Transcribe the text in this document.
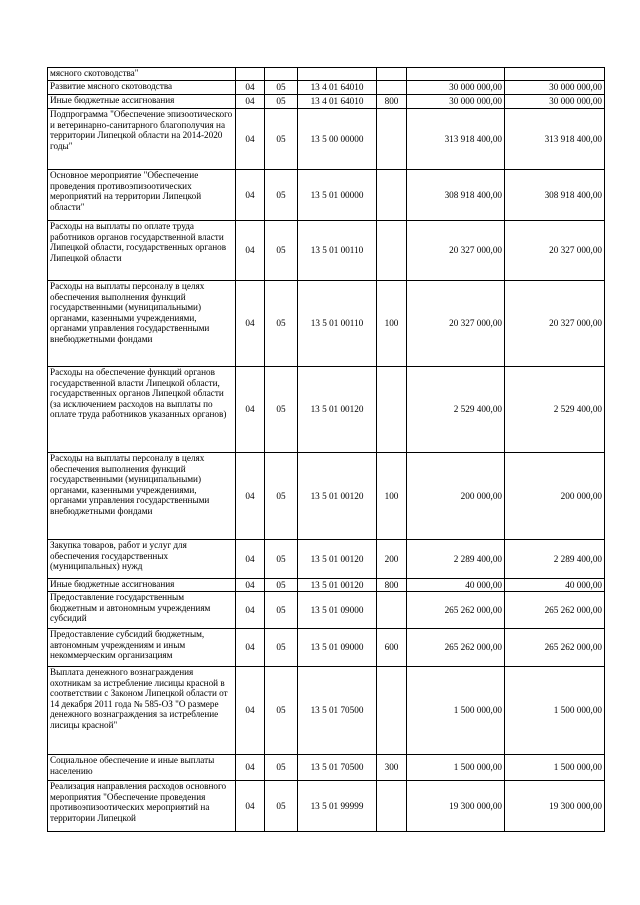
мясного скотоводства"						
Развитие мясного скотоводства	04	05	13 4 01 64010		30 000 000,00	30 000 000,00
Иные бюджетные ассигнования	04	05	13 4 01 64010	800	30 000 000,00	30 000 000,00
Подпрограмма "Обеспечение эпизоотического и ветеринарно-санитарного благополучия на территории Липецкой области на 2014-2020 годы"	04	05	13 5 00 00000		313 918 400,00	313 918 400,00
Основное мероприятие "Обеспечение проведения противоэпизоотических мероприятий на территории Липецкой области"	04	05	13 5 01 00000		308 918 400,00	308 918 400,00
Расходы на выплаты по оплате труда работников органов государственной власти Липецкой области, государственных органов Липецкой области	04	05	13 5 01 00110		20 327 000,00	20 327 000,00
Расходы на выплаты персоналу в целях обеспечения выполнения функций государственными (муниципальными) органами, казенными учреждениями, органами управления государственными внебюджетными фондами	04	05	13 5 01 00110	100	20 327 000,00	20 327 000,00
Расходы на обеспечение функций органов государственной власти Липецкой области, государственных органов Липецкой области (за исключением расходов на выплаты по оплате труда работников указанных органов)	04	05	13 5 01 00120		2 529 400,00	2 529 400,00
Расходы на выплаты персоналу в целях обеспечения выполнения функций государственными (муниципальными) органами, казенными учреждениями, органами управления государственными внебюджетными фондами	04	05	13 5 01 00120	100	200 000,00	200 000,00
Закупка товаров, работ и услуг для обеспечения государственных (муниципальных) нужд	04	05	13 5 01 00120	200	2 289 400,00	2 289 400,00
Иные бюджетные ассигнования	04	05	13 5 01 00120	800	40 000,00	40 000,00
Предоставление государственным бюджетным и автономным учреждениям субсидий	04	05	13 5 01 09000		265 262 000,00	265 262 000,00
Предоставление субсидий бюджетным, автономным учреждениям и иным некоммерческим организациям	04	05	13 5 01 09000	600	265 262 000,00	265 262 000,00
Выплата денежного вознаграждения охотникам за истребление лисицы красной в соответствии с Законом Липецкой области от 14 декабря 2011 года № 585-ОЗ "О размере денежного вознаграждения за истребление лисицы красной"	04	05	13 5 01 70500		1 500 000,00	1 500 000,00
Социальное обеспечение и иные выплаты населению	04	05	13 5 01 70500	300	1 500 000,00	1 500 000,00
Реализация направления расходов основного мероприятия "Обеспечение проведения противоэпизоотических мероприятий на территории Липецкой	04	05	13 5 01 99999		19 300 000,00	19 300 000,00
